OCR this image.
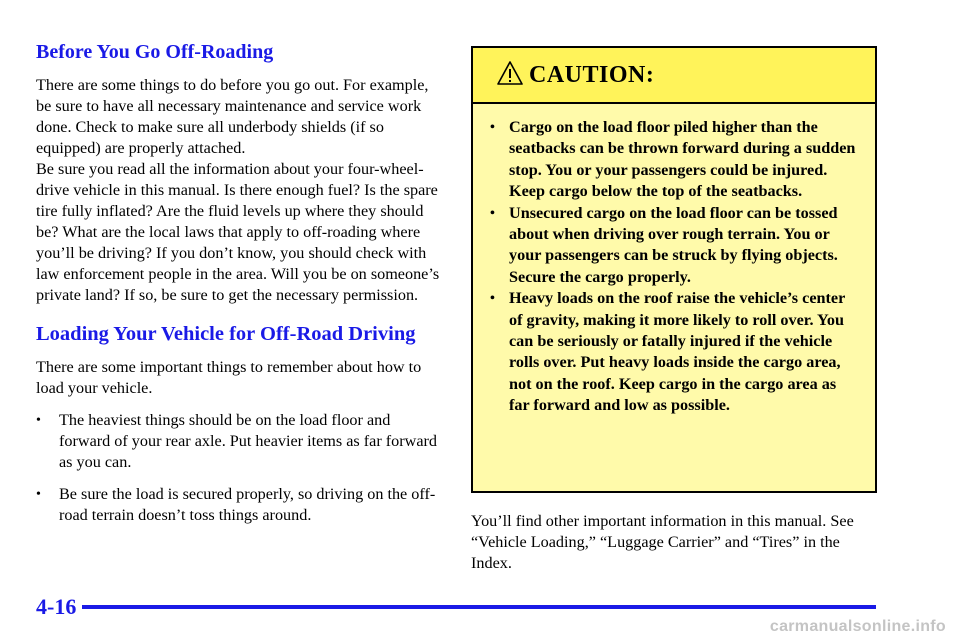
Before You Go Off-Roading

There are some things to do before you go out. For example, be sure to have all necessary maintenance and service work done. Check to make sure all underbody shields (if so equipped) are properly attached.

Be sure you read all the information about your four-wheel-drive vehicle in this manual. Is there enough fuel? Is the spare tire fully inflated? Are the fluid levels up where they should be? What are the local laws that apply to off-roading where you’ll be driving? If you don’t know, you should check with law enforcement people in the area. Will you be on someone’s private land? If so, be sure to get the necessary permission.

Loading Your Vehicle for Off-Road Driving

There are some important things to remember about how to load your vehicle.

• The heaviest things should be on the load floor and forward of your rear axle. Put heavier items as far forward as you can.
• Be sure the load is secured properly, so driving on the off-road terrain doesn’t toss things around.
CAUTION:
• Cargo on the load floor piled higher than the seatbacks can be thrown forward during a sudden stop. You or your passengers could be injured. Keep cargo below the top of the seatbacks.
• Unsecured cargo on the load floor can be tossed about when driving over rough terrain. You or your passengers can be struck by flying objects. Secure the cargo properly.
• Heavy loads on the roof raise the vehicle’s center of gravity, making it more likely to roll over. You can be seriously or fatally injured if the vehicle rolls over. Put heavy loads inside the cargo area, not on the roof. Keep cargo in the cargo area as far forward and low as possible.

You’ll find other important information in this manual. See “Vehicle Loading,” “Luggage Carrier” and “Tires” in the Index.

4-16

carmanualsonline.info
